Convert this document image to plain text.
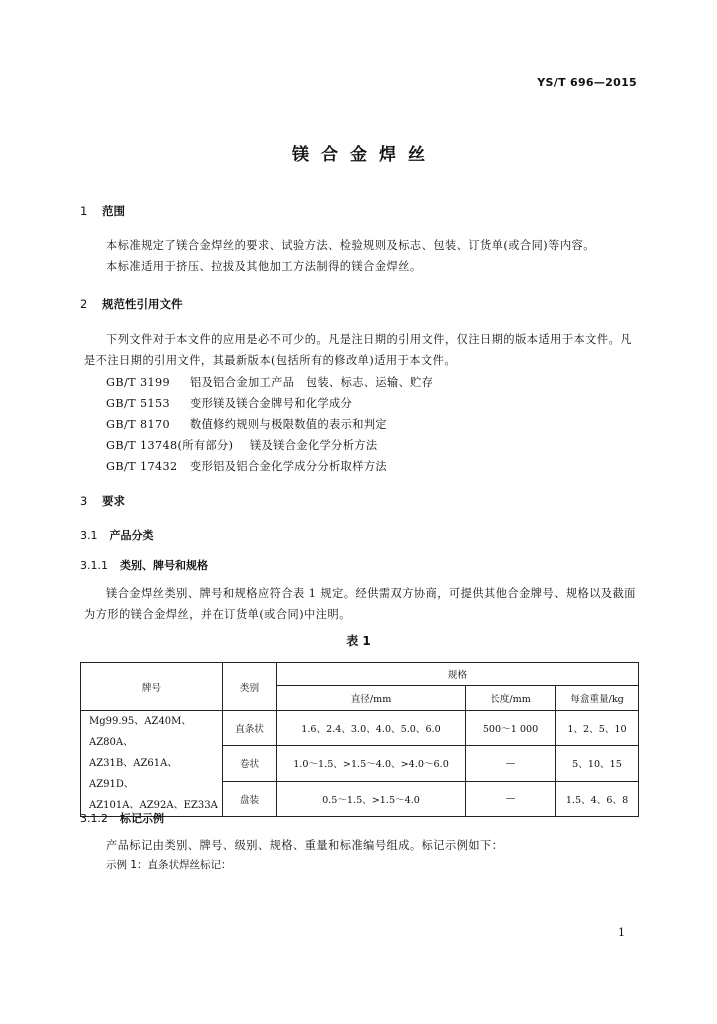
YS/T 696—2015
镁合金焊丝
1 范围
本标准规定了镁合金焊丝的要求、试验方法、检验规则及标志、包装、订货单(或合同)等内容。
本标准适用于挤压、拉拔及其他加工方法制得的镁合金焊丝。
2 规范性引用文件
下列文件对于本文件的应用是必不可少的。凡是注日期的引用文件，仅注日期的版本适用于本文件。凡是不注日期的引用文件，其最新版本(包括所有的修改单)适用于本文件。
GB/T 3199 铝及铝合金加工产品　包装、标志、运输、贮存
GB/T 5153 变形镁及镁合金牌号和化学成分
GB/T 8170 数值修约规则与极限数值的表示和判定
GB/T 13748(所有部分) 镁及镁合金化学分析方法
GB/T 17432 变形铝及铝合金化学成分分析取样方法
3 要求
3.1 产品分类
3.1.1 类别、牌号和规格
镁合金焊丝类别、牌号和规格应符合表 1 规定。经供需双方协商，可提供其他合金牌号、规格以及截面为方形的镁合金焊丝，并在订货单(或合同)中注明。
表 1
牌号	类别	规格		
		直径/mm	长度/mm	每盒重量/kg

Mg99.95、AZ40M、AZ80A、
AZ31B、AZ61A、AZ91D、
AZ101A、AZ92A、EZ33A	直条状	1.6、2.4、3.0、4.0、5.0、6.0	500～1 000	1、2、5、10
	卷状	1.0～1.5、>1.5～4.0、>4.0～6.0	—	5、10、15
	盘装	0.5～1.5、>1.5～4.0	—	1.5、4、6、8
3.1.2 标记示例
产品标记由类别、牌号、级别、规格、重量和标准编号组成。标记示例如下：
示例 1：直条状焊丝标记：
1
